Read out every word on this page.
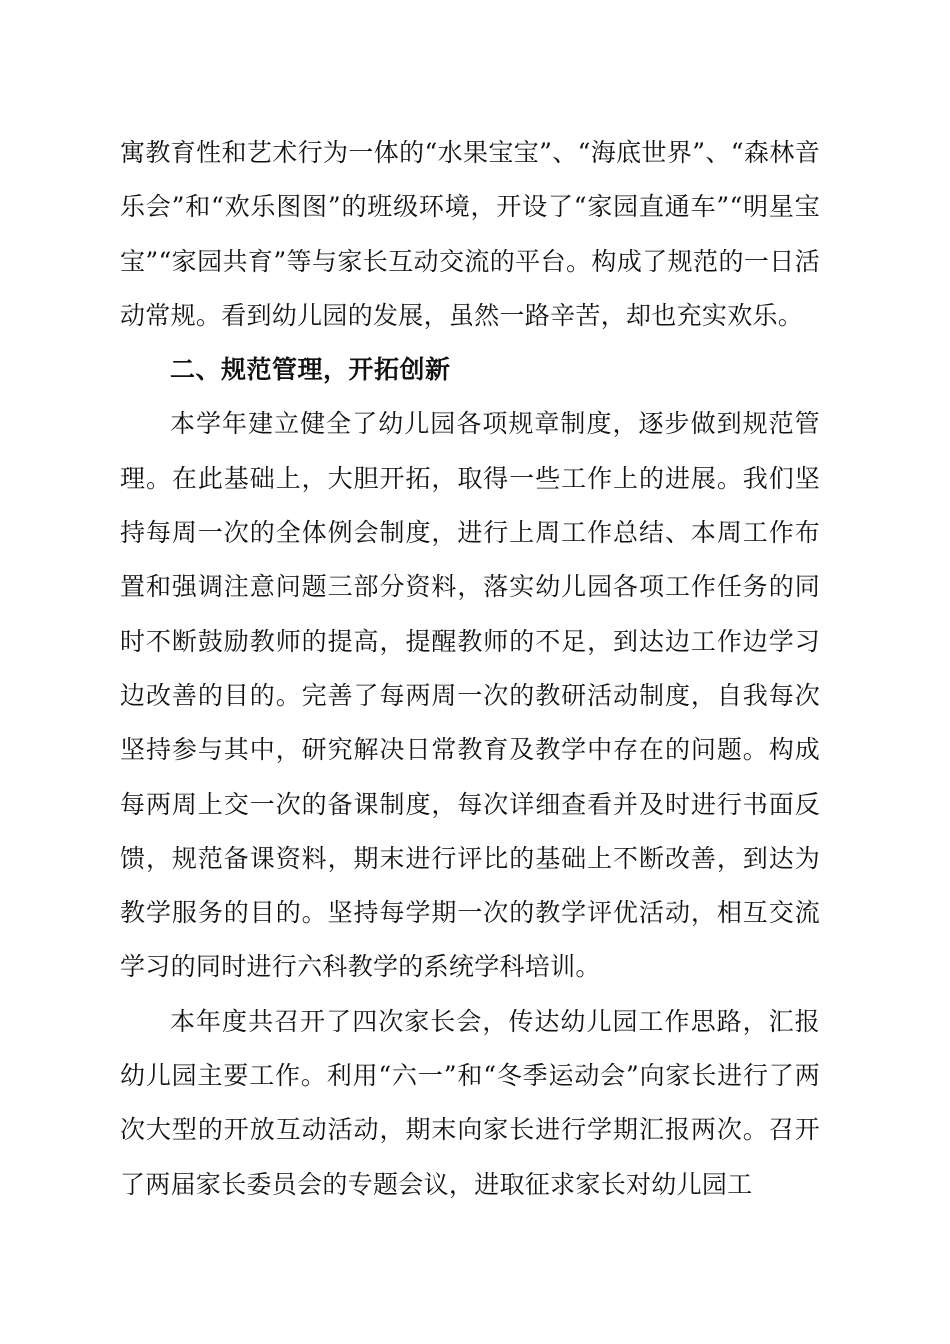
寓教育性和艺术行为一体的“水果宝宝”、“海底世界”、“森林音乐会”和“欢乐图图”的班级环境，开设了“家园直通车”“明星宝宝”“家园共育”等与家长互动交流的平台。构成了规范的一日活动常规。看到幼儿园的发展，虽然一路辛苦，却也充实欢乐。

二、规范管理，开拓创新

本学年建立健全了幼儿园各项规章制度，逐步做到规范管理。在此基础上，大胆开拓，取得一些工作上的进展。我们坚持每周一次的全体例会制度，进行上周工作总结、本周工作布置和强调注意问题三部分资料，落实幼儿园各项工作任务的同时不断鼓励教师的提高，提醒教师的不足，到达边工作边学习边改善的目的。完善了每两周一次的教研活动制度，自我每次坚持参与其中，研究解决日常教育及教学中存在的问题。构成每两周上交一次的备课制度，每次详细查看并及时进行书面反馈，规范备课资料，期末进行评比的基础上不断改善，到达为教学服务的目的。坚持每学期一次的教学评优活动，相互交流学习的同时进行六科教学的系统学科培训。

本年度共召开了四次家长会，传达幼儿园工作思路，汇报幼儿园主要工作。利用“六一”和“冬季运动会”向家长进行了两次大型的开放互动活动，期末向家长进行学期汇报两次。召开了两届家长委员会的专题会议，进取征求家长对幼儿园工
